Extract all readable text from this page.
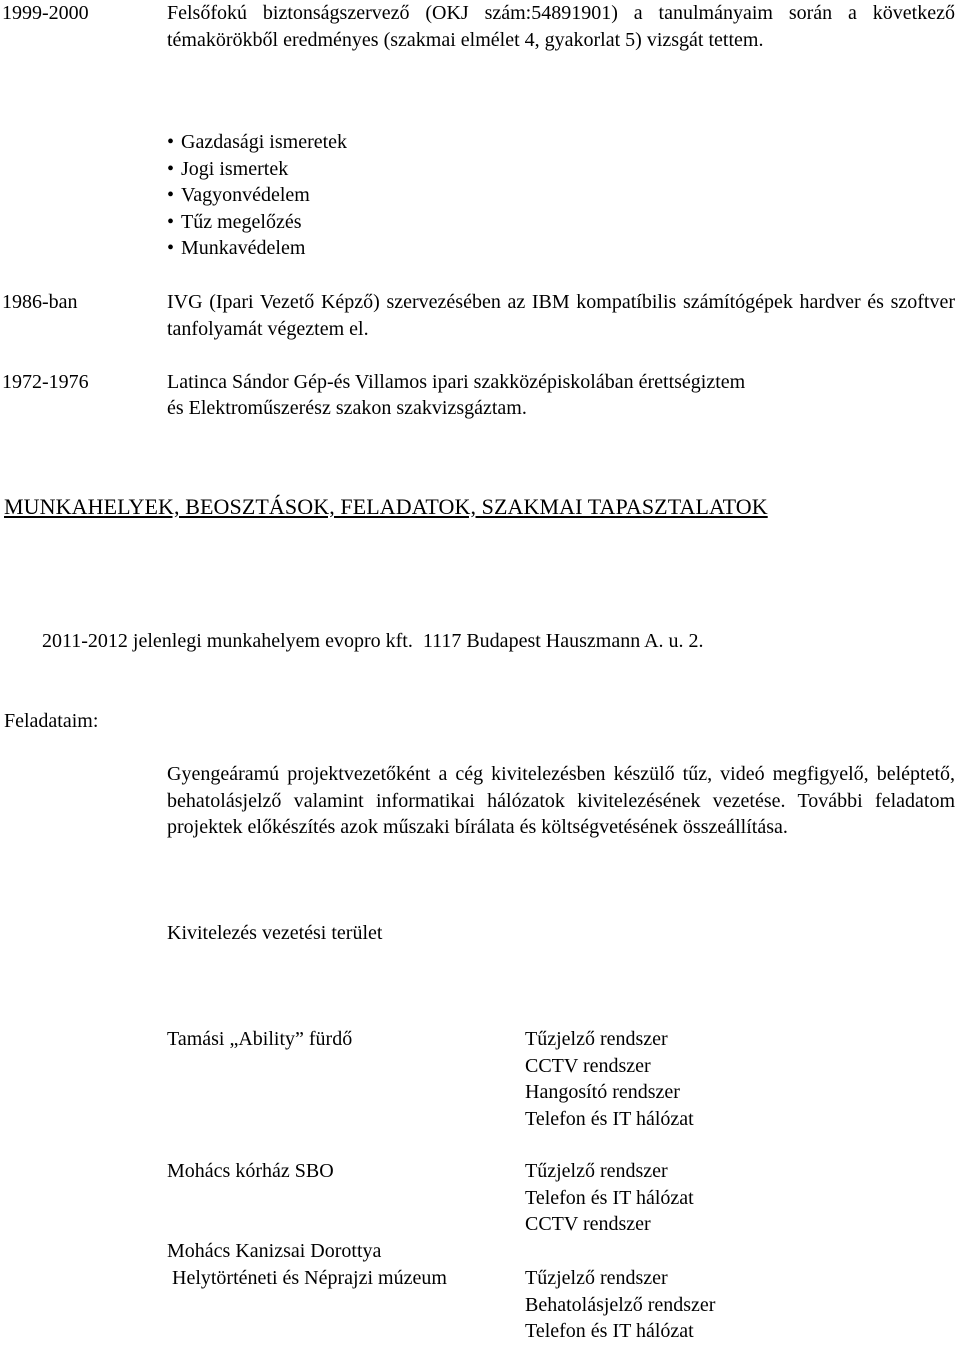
1999-2000	Felsőfokú biztonságszervező (OKJ szám:54891901) a tanulmányaim során a következő témakörökből eredményes (szakmai elmélet 4, gyakorlat 5) vizsgát tettem.
• Gazdasági ismeretek
• Jogi ismertek
• Vagyonvédelem
• Tűz megelőzés
• Munkavédelem
1986-ban	IVG (Ipari Vezető Képző) szervezésében az IBM kompatíbilis számítógépek hardver és szoftver tanfolyamát végeztem el.
1972-1976	Latinca Sándor Gép-és Villamos ipari szakközépiskolában érettségiztem
és Elektroműszerész szakon szakvizsgáztam.
MUNKAHELYEK, BEOSZTÁSOK, FELADATOK, SZAKMAI TAPASZTALATOK
2011-2012 jelenlegi munkahelyem evopro kft.  1117 Budapest Hauszmann A. u. 2.
Feladataim:
Gyengeáramú projektvezetőként a cég kivitelezésben készülő tűz, videó megfigyelő, beléptető, behatolásjelző valamint informatikai hálózatok kivitelezésének vezetése. További feladatom projektek előkészítés azok műszaki bírálata és költségvetésének összeállítása.
Kivitelezés vezetési terület
Tamási „Ability” fürdő	Tűzjelző rendszer
CCTV rendszer
Hangosító rendszer
Telefon és IT hálózat
Mohács kórház SBO	Tűzjelző rendszer
Telefon és IT hálózat
CCTV rendszer
Mohács Kanizsai Dorottya
Helytörténeti és Néprajzi múzeum	Tűzjelző rendszer
Behatolásjelző rendszer
Telefon és IT hálózat
